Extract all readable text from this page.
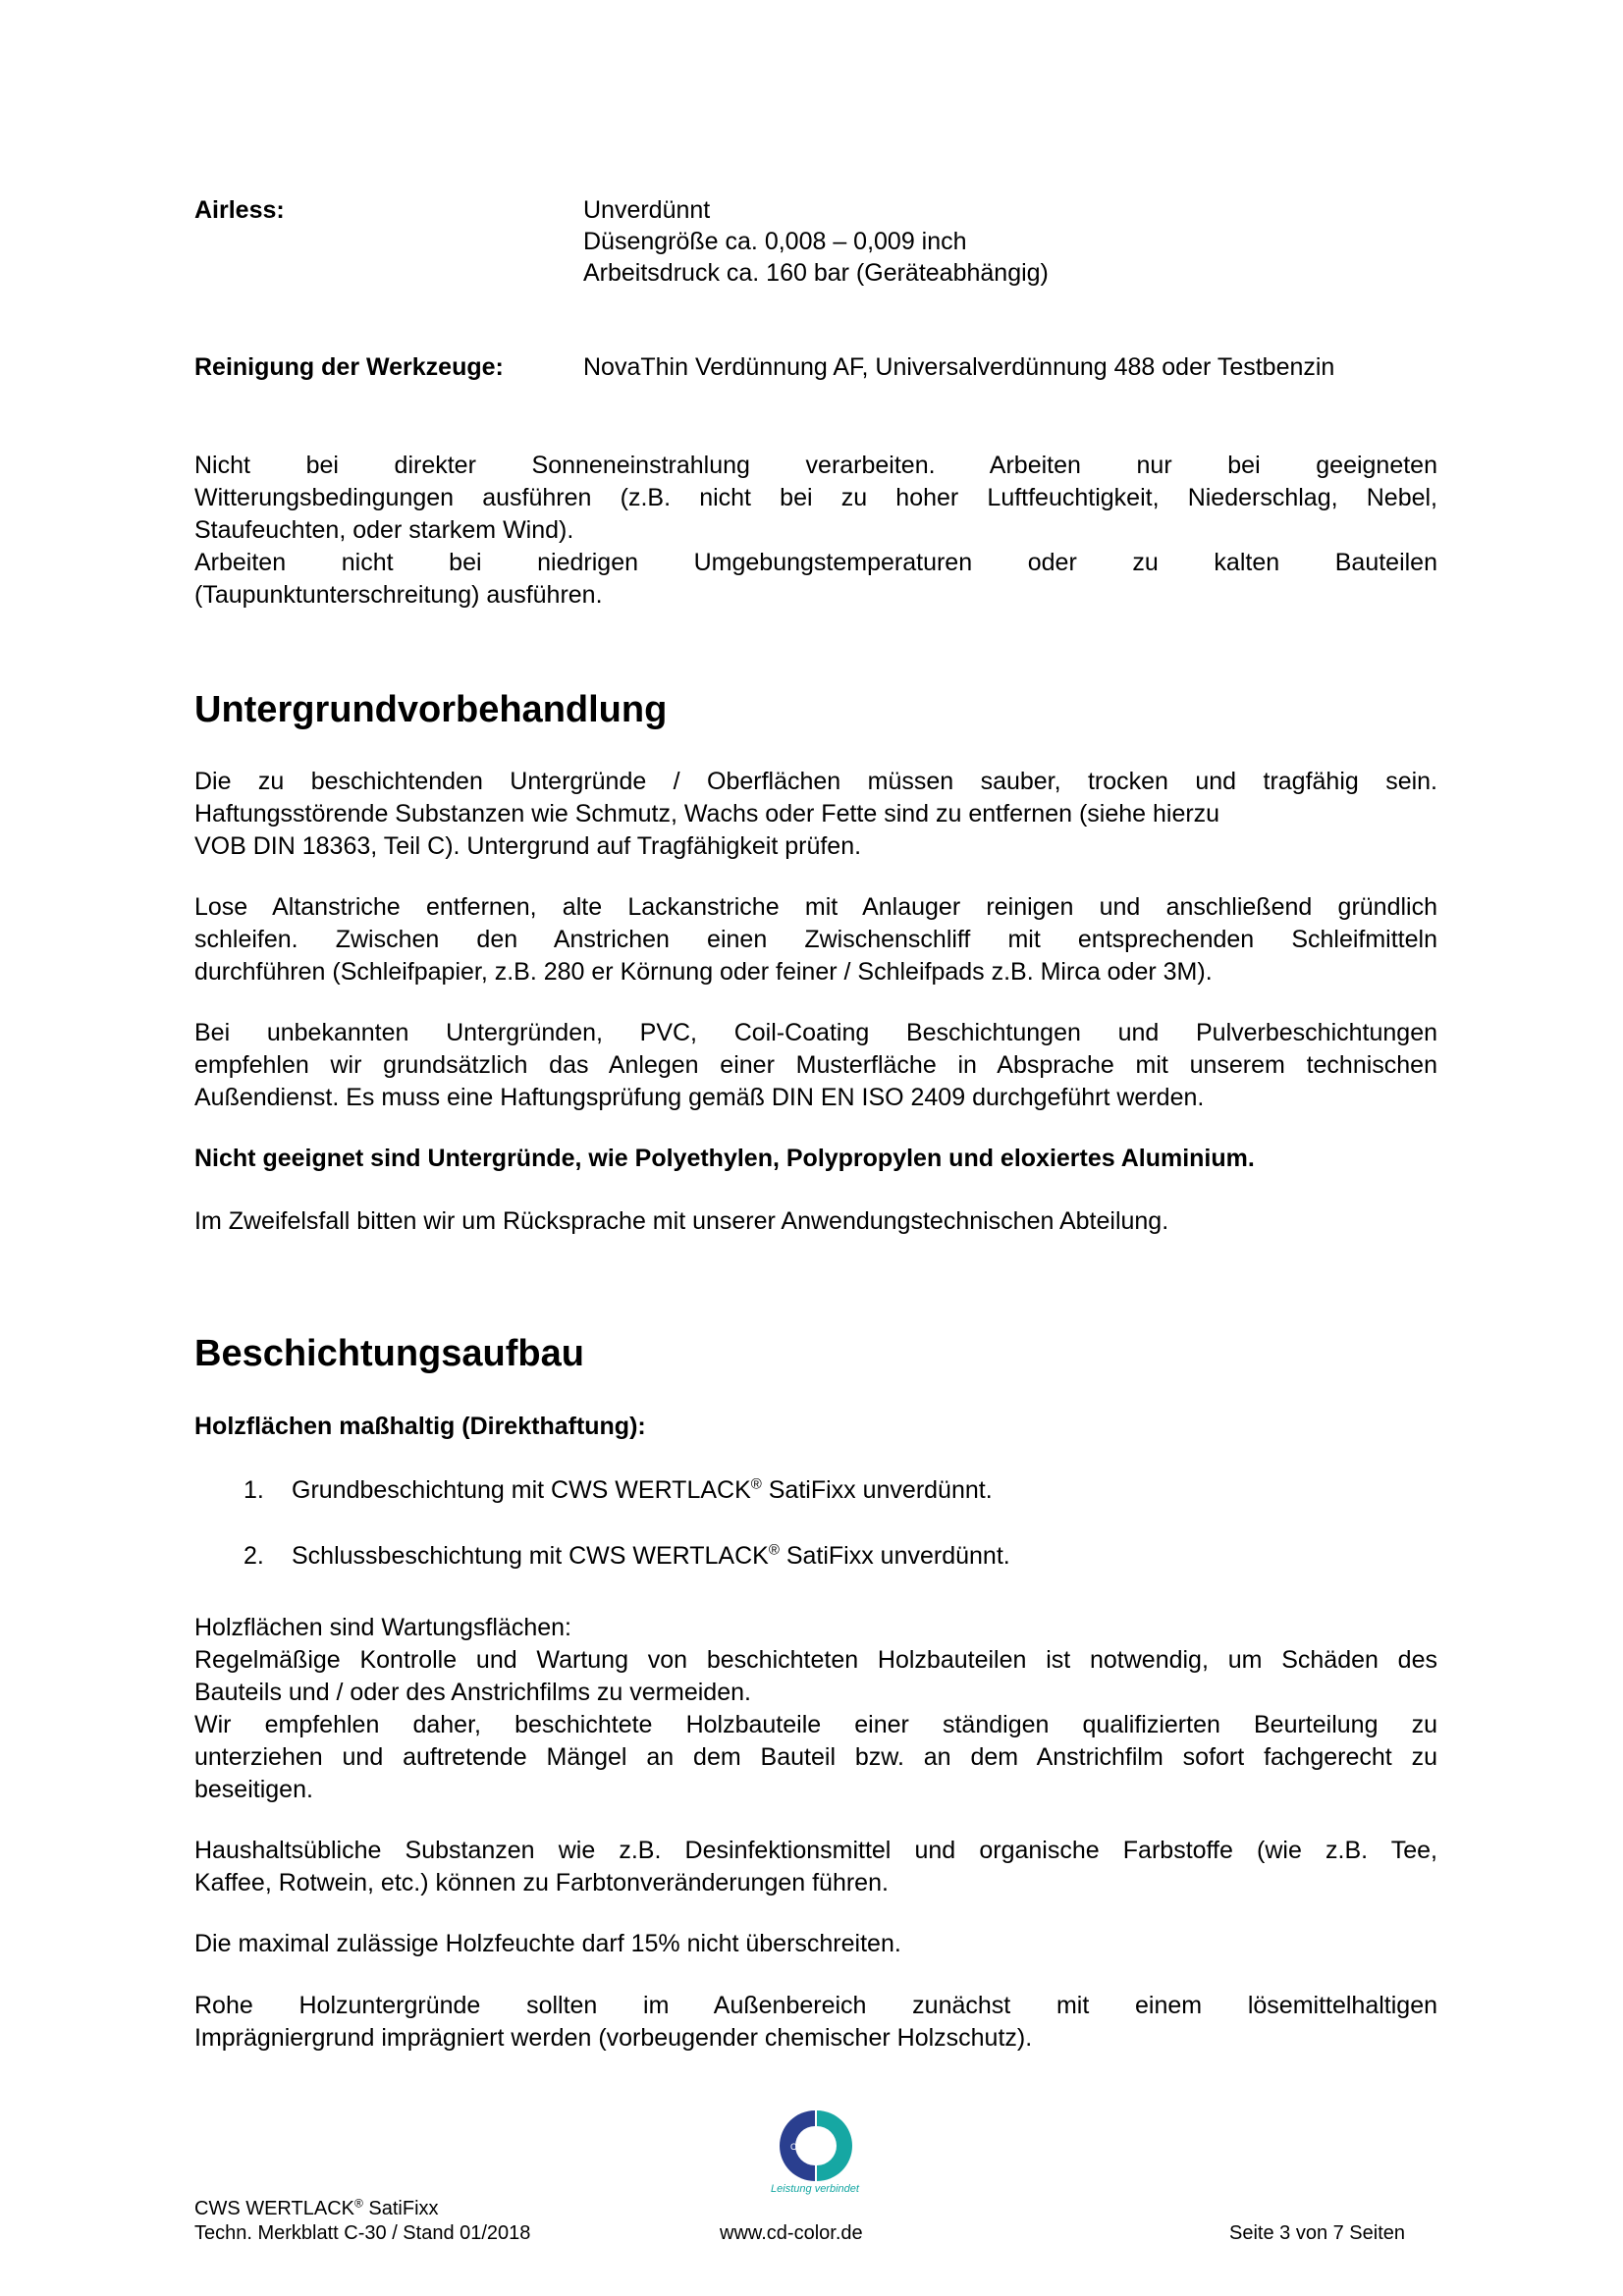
Airless:	Unverdünnt
Düsengröße ca. 0,008 – 0,009 inch
Arbeitsdruck ca. 160 bar (Geräteabhängig)
Reinigung der Werkzeuge:	NovaThin Verdünnung AF, Universalverdünnung 488 oder Testbenzin
Nicht bei direkter Sonneneinstrahlung verarbeiten. Arbeiten nur bei geeigneten
Witterungsbedingungen ausführen (z.B. nicht bei zu hoher Luftfeuchtigkeit, Niederschlag, Nebel,
Staufeuchten, oder starkem Wind).
Arbeiten nicht bei niedrigen Umgebungstemperaturen oder zu kalten Bauteilen
(Taupunktunterschreitung) ausführen.
Untergrundvorbehandlung
Die zu beschichtenden Untergründe / Oberflächen müssen sauber, trocken und tragfähig sein.
Haftungsstörende Substanzen wie Schmutz, Wachs oder Fette sind zu entfernen (siehe hierzu
VOB DIN 18363, Teil C). Untergrund auf Tragfähigkeit prüfen.
Lose Altanstriche entfernen, alte Lackanstriche mit Anlauger reinigen und anschließend gründlich
schleifen. Zwischen den Anstrichen einen Zwischenschliff mit entsprechenden Schleifmitteln
durchführen (Schleifpapier, z.B. 280 er Körnung oder feiner / Schleifpads z.B. Mirca oder 3M).
Bei unbekannten Untergründen, PVC, Coil-Coating Beschichtungen und Pulverbeschichtungen
empfehlen wir grundsätzlich das Anlegen einer Musterfläche in Absprache mit unserem technischen
Außendienst. Es muss eine Haftungsprüfung gemäß DIN EN ISO 2409 durchgeführt werden.
Nicht geeignet sind Untergründe, wie Polyethylen, Polypropylen und eloxiertes Aluminium.
Im Zweifelsfall bitten wir um Rücksprache mit unserer Anwendungstechnischen Abteilung.
Beschichtungsaufbau
Holzflächen maßhaltig (Direkthaftung):
1.	Grundbeschichtung mit CWS WERTLACK® SatiFixx unverdünnt.
2.	Schlussbeschichtung mit CWS WERTLACK® SatiFixx unverdünnt.
Holzflächen sind Wartungsflächen:
Regelmäßige Kontrolle und Wartung von beschichteten Holzbauteilen ist notwendig, um Schäden des
Bauteils und / oder des Anstrichfilms zu vermeiden.
Wir empfehlen daher, beschichtete Holzbauteile einer ständigen qualifizierten Beurteilung zu
unterziehen und auftretende Mängel an dem Bauteil bzw. an dem Anstrichfilm sofort fachgerecht zu
beseitigen.
Haushaltsübliche Substanzen wie z.B. Desinfektionsmittel und organische Farbstoffe (wie z.B. Tee,
Kaffee, Rotwein, etc.) können zu Farbtonveränderungen führen.
Die maximal zulässige Holzfeuchte darf 15% nicht überschreiten.
Rohe Holzuntergründe sollten im Außenbereich zunächst mit einem lösemittelhaltigen
Imprägniergrund imprägniert werden (vorbeugender chemischer Holzschutz).
COLOR
Leistung verbindet
CWS WERTLACK® SatiFixx
Techn. Merkblatt C-30 / Stand 01/2018	www.cd-color.de	Seite 3 von 7 Seiten
